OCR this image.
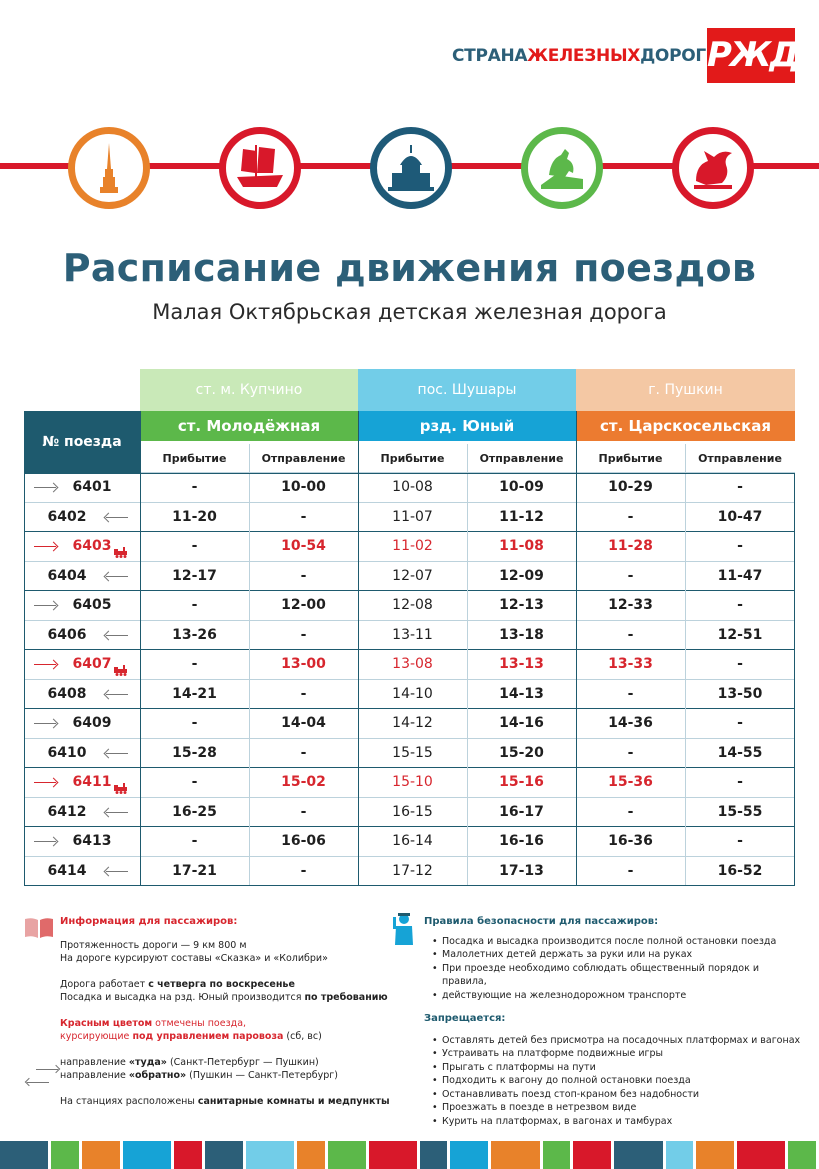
СТРАНАЖЕЛЕЗНЫХДОРОГ РЖД
Расписание движения поездов
Малая Октябрьская детская железная дорога
ст. м. Купчино	пос. Шушары	г. Пушкин
ст. Молодёжная	рзд. Юный	ст. Царскосельская
№ поезда
Прибытие	Отправление	Прибытие	Отправление	Прибытие	Отправление
6401	-	10-00	10-08	10-09	10-29	-
6402	11-20	-	11-07	11-12	-	10-47
6403	-	10-54	11-02	11-08	11-28	-
6404	12-17	-	12-07	12-09	-	11-47
6405	-	12-00	12-08	12-13	12-33	-
6406	13-26	-	13-11	13-18	-	12-51
6407	-	13-00	13-08	13-13	13-33	-
6408	14-21	-	14-10	14-13	-	13-50
6409	-	14-04	14-12	14-16	14-36	-
6410	15-28	-	15-15	15-20	-	14-55
6411	-	15-02	15-10	15-16	15-36	-
6412	16-25	-	16-15	16-17	-	15-55
6413	-	16-06	16-14	16-16	16-36	-
6414	17-21	-	17-12	17-13	-	16-52
Информация для пассажиров:

Протяженность дороги — 9 км 800 м

На дороге курсируют составы «Сказка» и «Колибри»

Дорога работает с четверга по воскресенье

Посадка и высадка на рзд. Юный производится по требованию

Красным цветом отмечены поезда,

курсирующие под управлением паровоза (сб, вс)

направление «туда» (Санкт-Петербург — Пушкин)

направление «обратно» (Пушкин — Санкт-Петербург)

На станциях расположены санитарные комнаты и медпункты

Правила безопасности для пассажиров:
• Посадка и высадка производится после полной остановки поезда
• Малолетних детей держать за руки или на руках
• При проезде необходимо соблюдать общественный порядок и правила,
• действующие на железнодорожном транспорте
Запрещается:
• Оставлять детей без присмотра на посадочных платформах и вагонах
• Устраивать на платформе подвижные игры
• Прыгать с платформы на пути
• Подходить к вагону до полной остановки поезда
• Останавливать поезд стоп-краном без надобности
• Проезжать в поезде в нетрезвом виде
• Курить на платформах, в вагонах и тамбурах
